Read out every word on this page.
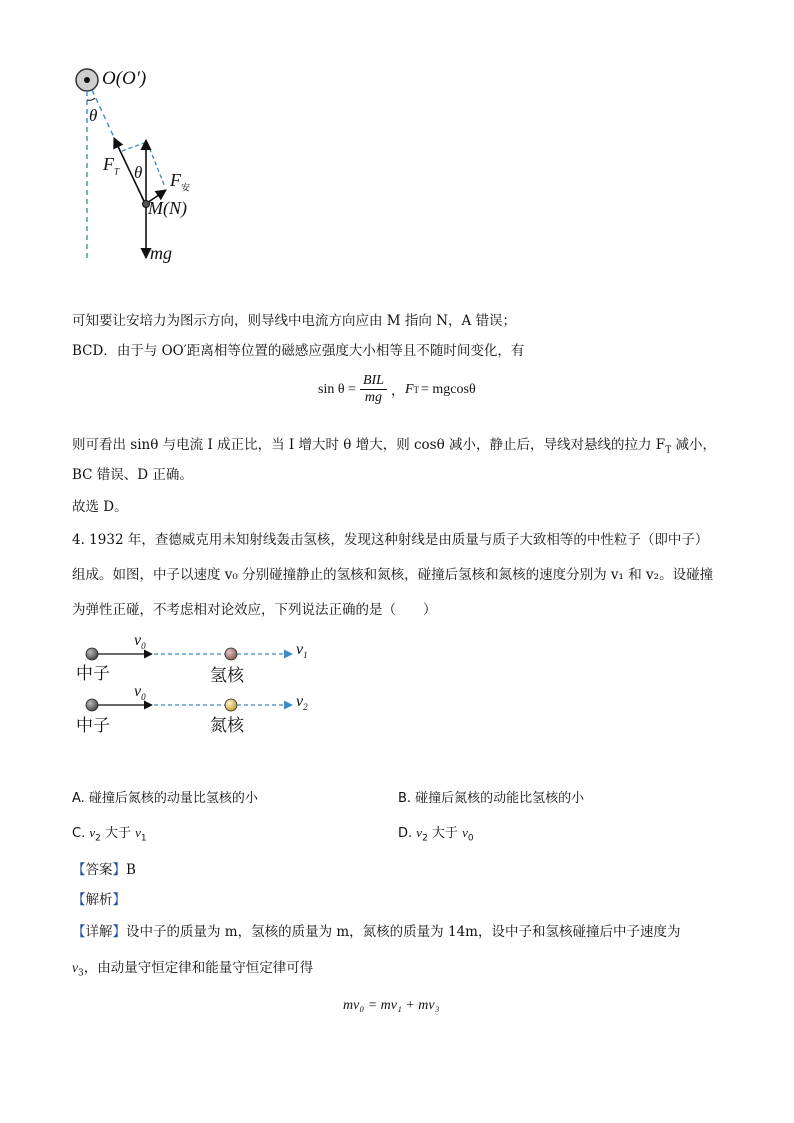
O(O′)
θ
$F_T$ θ $F_安$
M(N)
mg
可知要让安培力为图示方向，则导线中电流方向应由 M 指向 N，A 错误；
BCD．由于与 OO′距离相等位置的磁感应强度大小相等且不随时间变化，有
sin θ =
BIL
mg ， F T = mgcosθ
则可看出 sinθ 与电流 I 成正比，当 I 增大时 θ 增大，则 cosθ 减小，静止后，导线对悬线的拉力 $F_T$ 减小，
BC 错误、D 正确。
故选 D。
4. 1932 年，查德威克用未知射线轰击氢核，发现这种射线是由质量与质子大致相等的中性粒子（即中子）
组成。如图，中子以速度 v₀ 分别碰撞静止的氢核和氮核，碰撞后氢核和氮核的速度分别为 v₁ 和 v₂。设碰撞
为弹性正碰，不考虑相对论效应，下列说法正确的是（　　）
中子
$v_0$
氢核
$v_1$
中子
$v_0$
氮核
$v_2$
A. 碰撞后氮核的动量比氢核的小	B. 碰撞后氮核的动能比氢核的小
C. $v_2$ 大于 $v_1$	D. $v_2$ 大于 $v_0$
【答案】B
【解析】
【详解】设中子的质量为 m，氢核的质量为 m，氮核的质量为 14m，设中子和氢核碰撞后中子速度为
$v_3$，由动量守恒定律和能量守恒定律可得
mv₀ = mv₁ + mv₃
